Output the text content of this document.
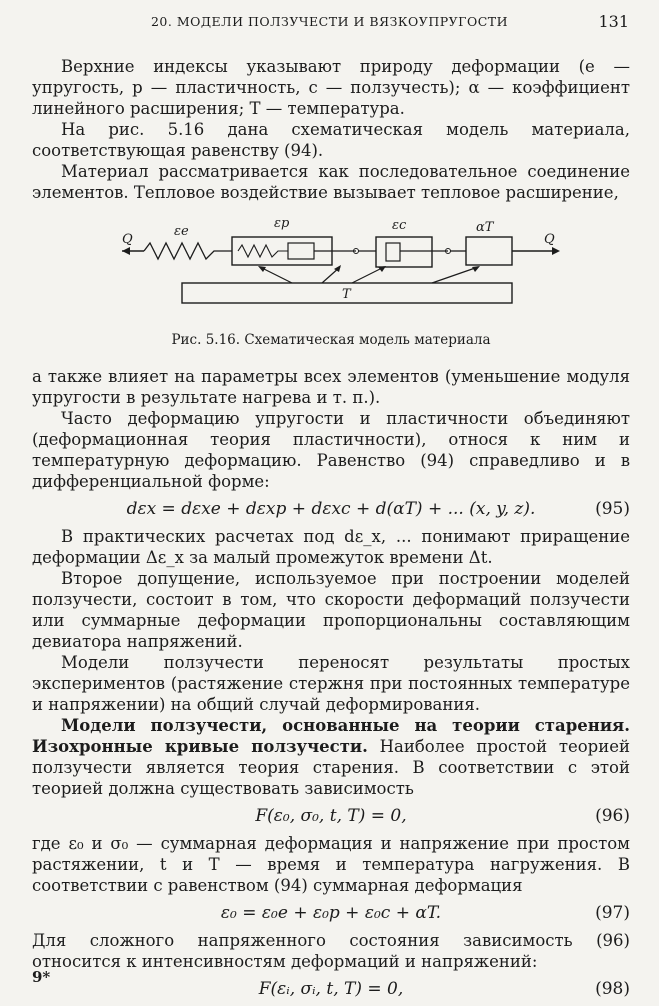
20. МОДЕЛИ ПОЛЗУЧЕСТИ И ВЯЗКОУПРУГОСТИ	131

Верхние индексы указывают природу деформации (e — упругость, p — пластичность, c — ползучесть); α — коэффициент линейного расширения; T — температура.

На рис. 5.16 дана схематическая модель материала, соответствующая равенству (94).

Материал рассматривается как последовательное соединение элементов. Тепловое воздействие вызывает тепловое расширение,

Q
εe
εp	εc	αT
Q
T
Рис. 5.16. Схематическая модель материала

а также влияет на параметры всех элементов (уменьшение модуля упругости в результате нагрева и т. п.).

Часто деформацию упругости и пластичности объединяют (деформационная теория пластичности), относя к ним и температурную деформацию. Равенство (94) справедливо и в дифференциальной форме:

dεx = dεxe + dεxp + dεxc + d(αT) + ... (x, y, z).	(95)

В практических расчетах под dε_x, ... понимают приращение деформации Δε_x за малый промежуток времени Δt.

Второе допущение, используемое при построении моделей ползучести, состоит в том, что скорости деформаций ползучести или суммарные деформации пропорциональны составляющим девиатора напряжений.

Модели ползучести переносят результаты простых экспериментов (растяжение стержня при постоянных температуре и напряжении) на общий случай деформирования.

Модели ползучести, основанные на теории старения. Изохронные кривые ползучести. Наиболее простой теорией ползучести является теория старения. В соответствии с этой теорией должна существовать зависимость

F(ε₀, σ₀, t, T) = 0,	(96)

где ε₀ и σ₀ — суммарная деформация и напряжение при простом растяжении, t и T — время и температура нагружения. В соответствии с равенством (94) суммарная деформация

ε₀ = ε₀e + ε₀p + ε₀c + αT.	(97)

Для сложного напряженного состояния зависимость (96) относится к интенсивностям деформаций и напряжений:

F(εᵢ, σᵢ, t, T) = 0,	(98)
9*
